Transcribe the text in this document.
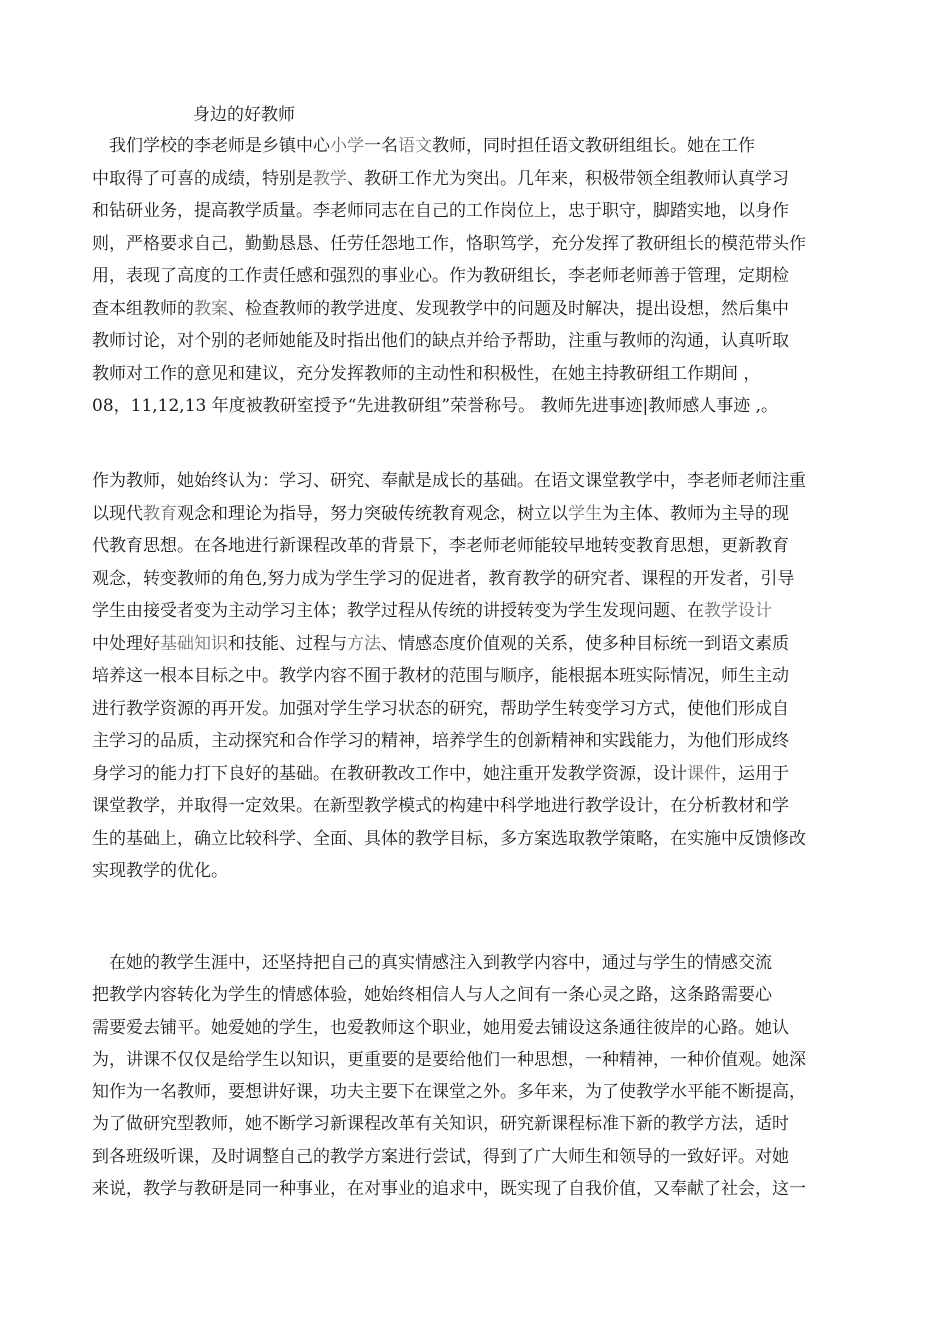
身边的好教师
　我们学校的李老师是乡镇中心小学一名语文教师，同时担任语文教研组组长。她在工作
中取得了可喜的成绩，特别是教学、教研工作尤为突出。几年来，积极带领全组教师认真学习
和钻研业务，提高教学质量。李老师同志在自己的工作岗位上，忠于职守，脚踏实地，以身作
则，严格要求自己，勤勤恳恳、任劳任怨地工作，恪职笃学，充分发挥了教研组长的模范带头作
用，表现了高度的工作责任感和强烈的事业心。作为教研组长，李老师老师善于管理，定期检
查本组教师的教案、检查教师的教学进度、发现教学中的问题及时解决，提出设想，然后集中
教师讨论，对个别的老师她能及时指出他们的缺点并给予帮助，注重与教师的沟通，认真听取
教师对工作的意见和建议，充分发挥教师的主动性和积极性，在她主持教研组工作期间 ，
08，11,12,13 年度被教研室授予“先进教研组”荣誉称号。 教师先进事迹|教师感人事迹 ,。
作为教师，她始终认为：学习、研究、奉献是成长的基础。在语文课堂教学中，李老师老师注重
以现代教育观念和理论为指导，努力突破传统教育观念，树立以学生为主体、教师为主导的现
代教育思想。在各地进行新课程改革的背景下，李老师老师能较早地转变教育思想，更新教育
观念，转变教师的角色,努力成为学生学习的促进者，教育教学的研究者、课程的开发者，引导
学生由接受者变为主动学习主体；教学过程从传统的讲授转变为学生发现问题、在教学设计
中处理好基础知识和技能、过程与方法、情感态度价值观的关系，使多种目标统一到语文素质
培养这一根本目标之中。教学内容不囿于教材的范围与顺序，能根据本班实际情况，师生主动
进行教学资源的再开发。加强对学生学习状态的研究，帮助学生转变学习方式，使他们形成自
主学习的品质，主动探究和合作学习的精神，培养学生的创新精神和实践能力，为他们形成终
身学习的能力打下良好的基础。在教研教改工作中，她注重开发教学资源，设计课件，运用于
课堂教学，并取得一定效果。在新型教学模式的构建中科学地进行教学设计，在分析教材和学
生的基础上，确立比较科学、全面、具体的教学目标，多方案选取教学策略，在实施中反馈修改
实现教学的优化。
　在她的教学生涯中，还坚持把自己的真实情感注入到教学内容中，通过与学生的情感交流
把教学内容转化为学生的情感体验，她始终相信人与人之间有一条心灵之路，这条路需要心
需要爱去铺平。她爱她的学生，也爱教师这个职业，她用爱去铺设这条通往彼岸的心路。她认
为，讲课不仅仅是给学生以知识，更重要的是要给他们一种思想，一种精神，一种价值观。她深
知作为一名教师，要想讲好课，功夫主要下在课堂之外。多年来，为了使教学水平能不断提高，
为了做研究型教师，她不断学习新课程改革有关知识，研究新课程标准下新的教学方法，适时
到各班级听课，及时调整自己的教学方案进行尝试，得到了广大师生和领导的一致好评。对她
来说，教学与教研是同一种事业，在对事业的追求中，既实现了自我价值，又奉献了社会，这一
